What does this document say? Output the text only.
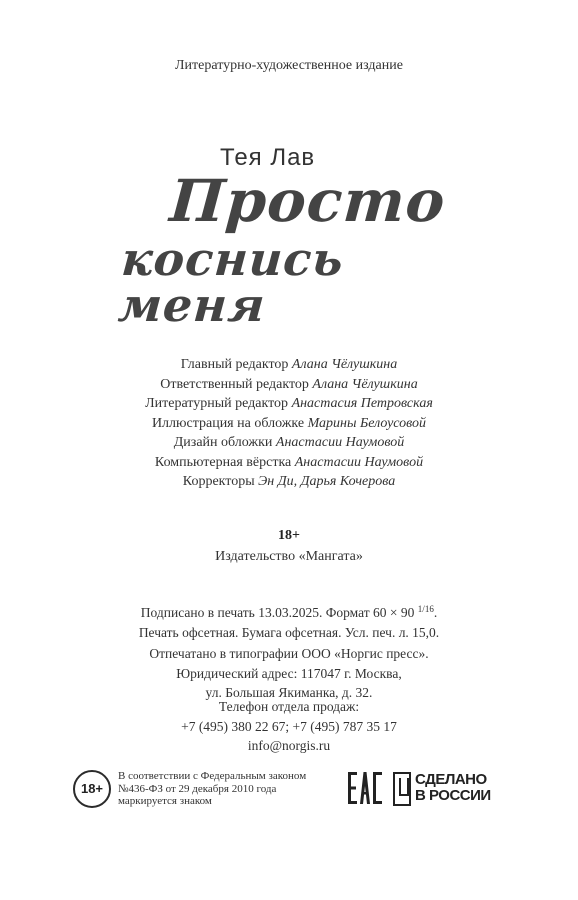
Литературно-художественное издание
Тея Лав
Просто
коснись меня
Главный редактор Алана Чёлушкина
Ответственный редактор Алана Чёлушкина
Литературный редактор Анастасия Петровская
Иллюстрация на обложке Марины Белоусовой
Дизайн обложки Анастасии Наумовой
Компьютерная вёрстка Анастасии Наумовой
Корректоры Эн Ди, Дарья Кочерова
18+
Издательство «Мангата»
Подписано в печать 13.03.2025. Формат 60 × 90 $^{1/16}$.
Печать офсетная. Бумага офсетная. Усл. печ. л. 15,0.
Отпечатано в типографии ООО «Норгис пресс».
Юридический адрес: 117047 г. Москва,
ул. Большая Якиманка, д. 32.
Телефон отдела продаж:
+7 (495) 380 22 67; +7 (495) 787 35 17
info@norgis.ru
18+
В соответствии с Федеральным законом
№436-ФЗ от 29 декабря 2010 года
маркируется знаком
СДЕЛАНО
В РОССИИ
